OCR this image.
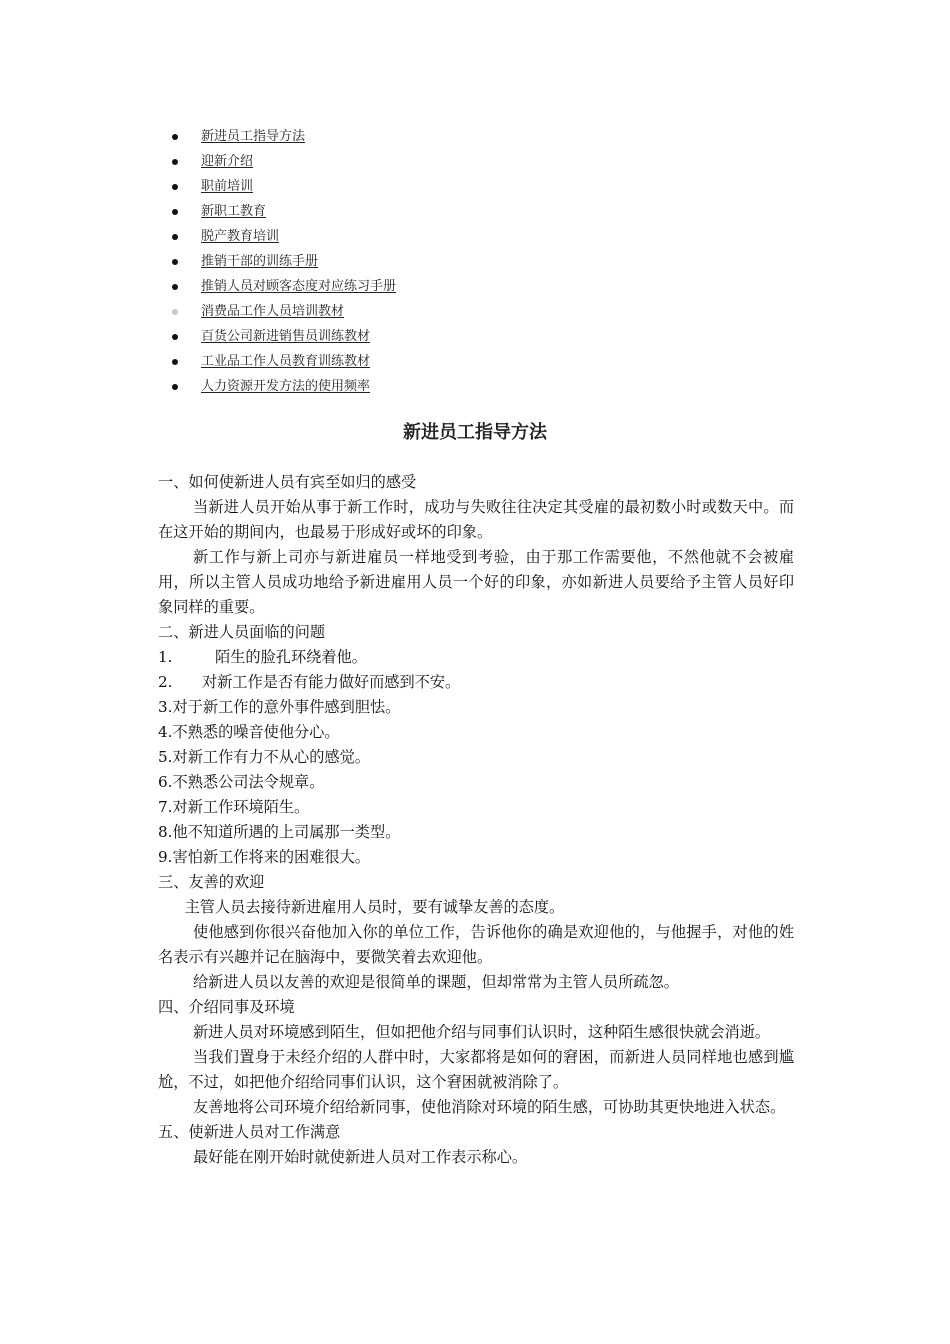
新进员工指导方法
迎新介绍
职前培训
新职工教育
脱产教育培训
推销干部的训练手册
推销人员对顾客态度对应练习手册
消费品工作人员培训教材
百货公司新进销售员训练教材
工业品工作人员教育训练教材
人力资源开发方法的使用频率
新进员工指导方法

一、如何使新进人员有宾至如归的感受

当新进人员开始从事于新工作时，成功与失败往往决定其受雇的最初数小时或数天中。而在这开始的期间内，也最易于形成好或坏的印象。

新工作与新上司亦与新进雇员一样地受到考验，由于那工作需要他，不然他就不会被雇用，所以主管人员成功地给予新进雇用人员一个好的印象，亦如新进人员要给予主管人员好印象同样的重要。

二、新进人员面临的问题

1.	陌生的脸孔环绕着他。

2.	对新工作是否有能力做好而感到不安。

3.对于新工作的意外事件感到胆怯。

4.不熟悉的噪音使他分心。

5.对新工作有力不从心的感觉。

6.不熟悉公司法令规章。

7.对新工作环境陌生。

8.他不知道所遇的上司属那一类型。

9.害怕新工作将来的困难很大。

三、友善的欢迎

主管人员去接待新进雇用人员时，要有诚挚友善的态度。

使他感到你很兴奋他加入你的单位工作，告诉他你的确是欢迎他的，与他握手，对他的姓名表示有兴趣并记在脑海中，要微笑着去欢迎他。

给新进人员以友善的欢迎是很简单的课题，但却常常为主管人员所疏忽。

四、介绍同事及环境

新进人员对环境感到陌生，但如把他介绍与同事们认识时，这种陌生感很快就会消逝。

当我们置身于未经介绍的人群中时，大家都将是如何的窘困，而新进人员同样地也感到尴尬，不过，如把他介绍给同事们认识，这个窘困就被消除了。

友善地将公司环境介绍给新同事，使他消除对环境的陌生感，可协助其更快地进入状态。

五、使新进人员对工作满意

最好能在刚开始时就使新进人员对工作表示称心。
